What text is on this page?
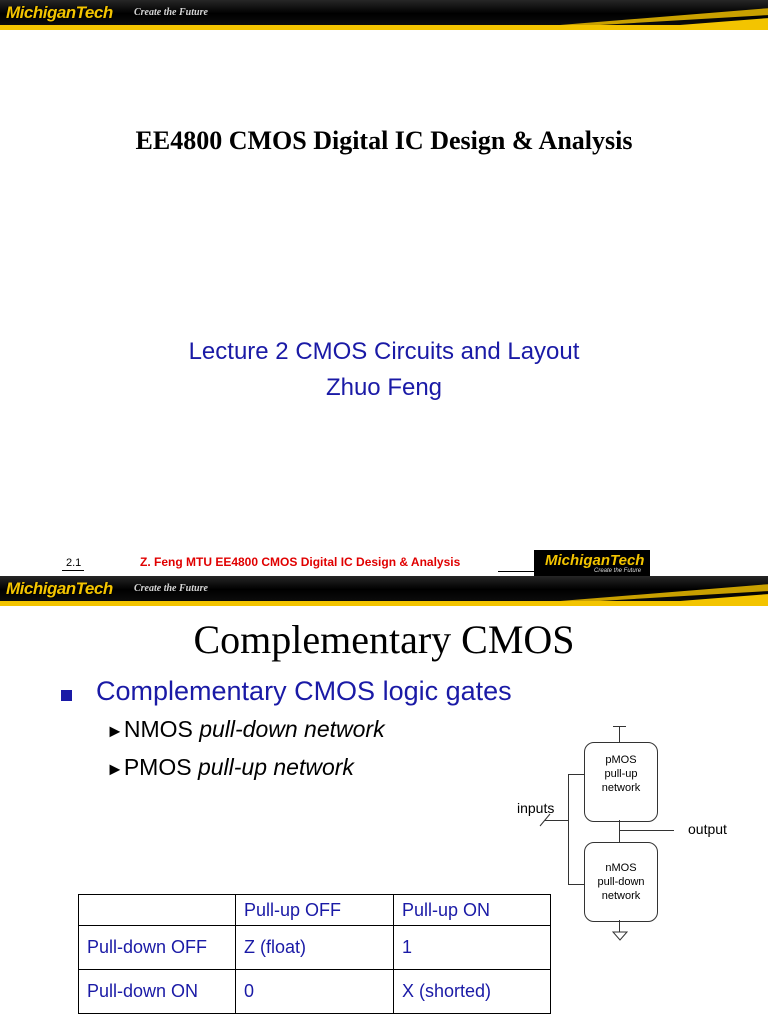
MichiganTech Create the Future
EE4800 CMOS Digital IC Design & Analysis
Lecture 2 CMOS Circuits and Layout
Zhuo Feng
2.1	Z. Feng MTU EE4800 CMOS Digital IC Design & Analysis	MichiganTech
Create the Future
MichiganTech Create the Future
Complementary CMOS
Complementary CMOS logic gates
►NMOS pull-down network
►PMOS pull-up network	pMOS
pull-up
network
output
nMOS
pull-down
network
inputs
	Pull-up OFF	Pull-up ON
Pull-down OFF	Z (float)	1
Pull-down ON	0	X (shorted)
